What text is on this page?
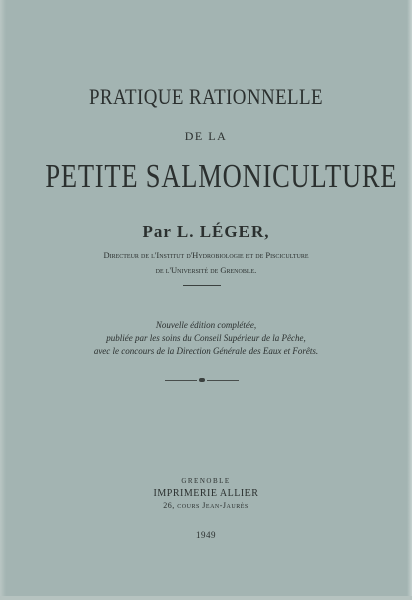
PRATIQUE RATIONNELLE
DE LA
PETITE SALMONICULTURE
Par L. LÉGER,
Directeur de l'Institut d'Hydrobiologie et de Pisciculture
de l'Université de Grenoble.
Nouvelle édition complétée,
publiée par les soins du Conseil Supérieur de la Pêche,
avec le concours de la Direction Générale des Eaux et Forêts.
GRENOBLE
IMPRIMERIE ALLIER
26, cours Jean-Jaurès
1949
